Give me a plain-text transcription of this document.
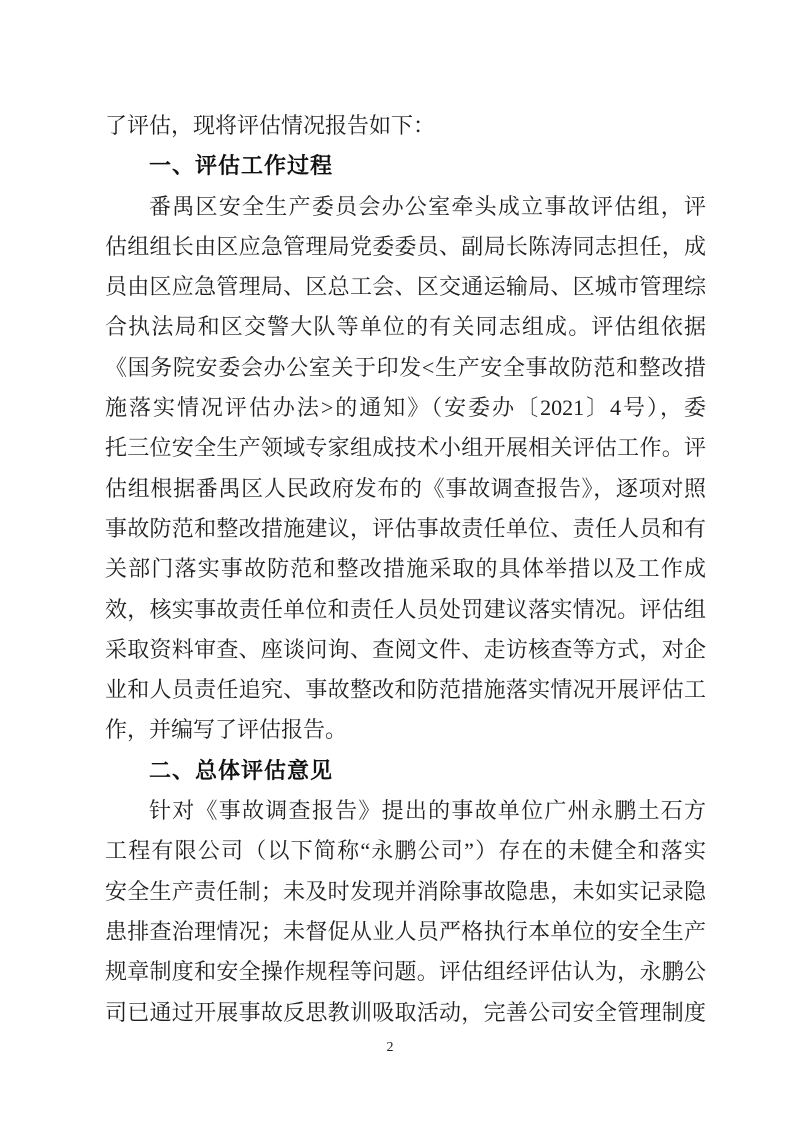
了评估，现将评估情况报告如下：
一、评估工作过程
番禺区安全生产委员会办公室牵头成立事故评估组，评
估组组长由区应急管理局党委委员、副局长陈涛同志担任，成
员由区应急管理局、区总工会、区交通运输局、区城市管理综
合执法局和区交警大队等单位的有关同志组成。评估组依据
《国务院安委会办公室关于印发<生产安全事故防范和整改措
施落实情况评估办法>的通知》（安委办〔2021〕4号），委
托三位安全生产领域专家组成技术小组开展相关评估工作。评
估组根据番禺区人民政府发布的《事故调查报告》，逐项对照
事故防范和整改措施建议，评估事故责任单位、责任人员和有
关部门落实事故防范和整改措施采取的具体举措以及工作成
效，核实事故责任单位和责任人员处罚建议落实情况。评估组
采取资料审查、座谈问询、查阅文件、走访核查等方式，对企
业和人员责任追究、事故整改和防范措施落实情况开展评估工
作，并编写了评估报告。
二、总体评估意见
针对《事故调查报告》提出的事故单位广州永鹏土石方
工程有限公司（以下简称“永鹏公司”）存在的未健全和落实
安全生产责任制；未及时发现并消除事故隐患，未如实记录隐
患排查治理情况；未督促从业人员严格执行本单位的安全生产
规章制度和安全操作规程等问题。评估组经评估认为，永鹏公
司已通过开展事故反思教训吸取活动，完善公司安全管理制度
2
